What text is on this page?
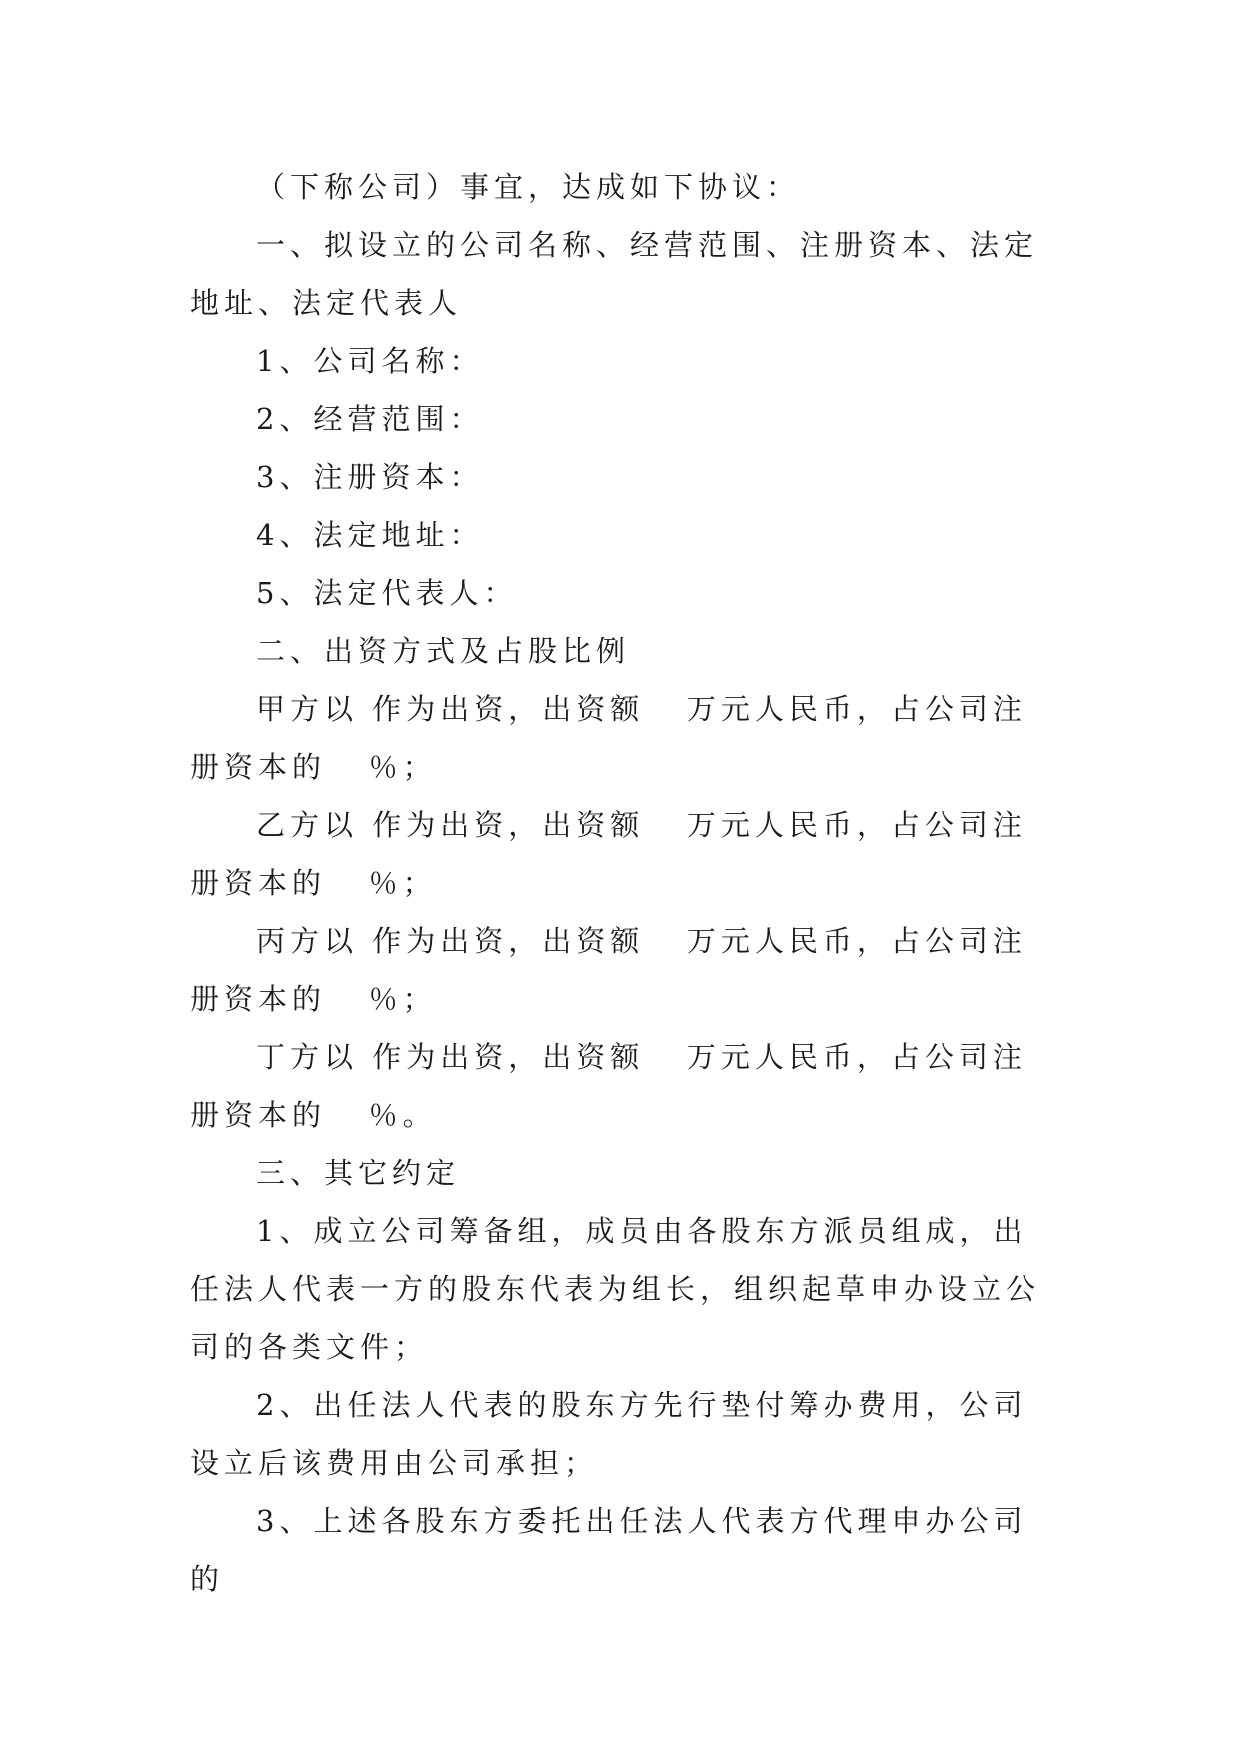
（下称公司）事宜，达成如下协议：

一、拟设立的公司名称、经营范围、注册资本、法定地址、法定代表人

1、公司名称：

2、经营范围：

3、注册资本：

4、法定地址：

5、法定代表人：

二、出资方式及占股比例

甲方以 作为出资，出资额   万元人民币，占公司注册资本的   ％；

乙方以 作为出资，出资额   万元人民币，占公司注册资本的   ％；

丙方以 作为出资，出资额   万元人民币，占公司注册资本的   ％；

丁方以 作为出资，出资额   万元人民币，占公司注册资本的   ％。

三、其它约定

1、成立公司筹备组，成员由各股东方派员组成，出任法人代表一方的股东代表为组长，组织起草申办设立公司的各类文件；

2、出任法人代表的股东方先行垫付筹办费用，公司设立后该费用由公司承担；

3、上述各股东方委托出任法人代表方代理申办公司的
